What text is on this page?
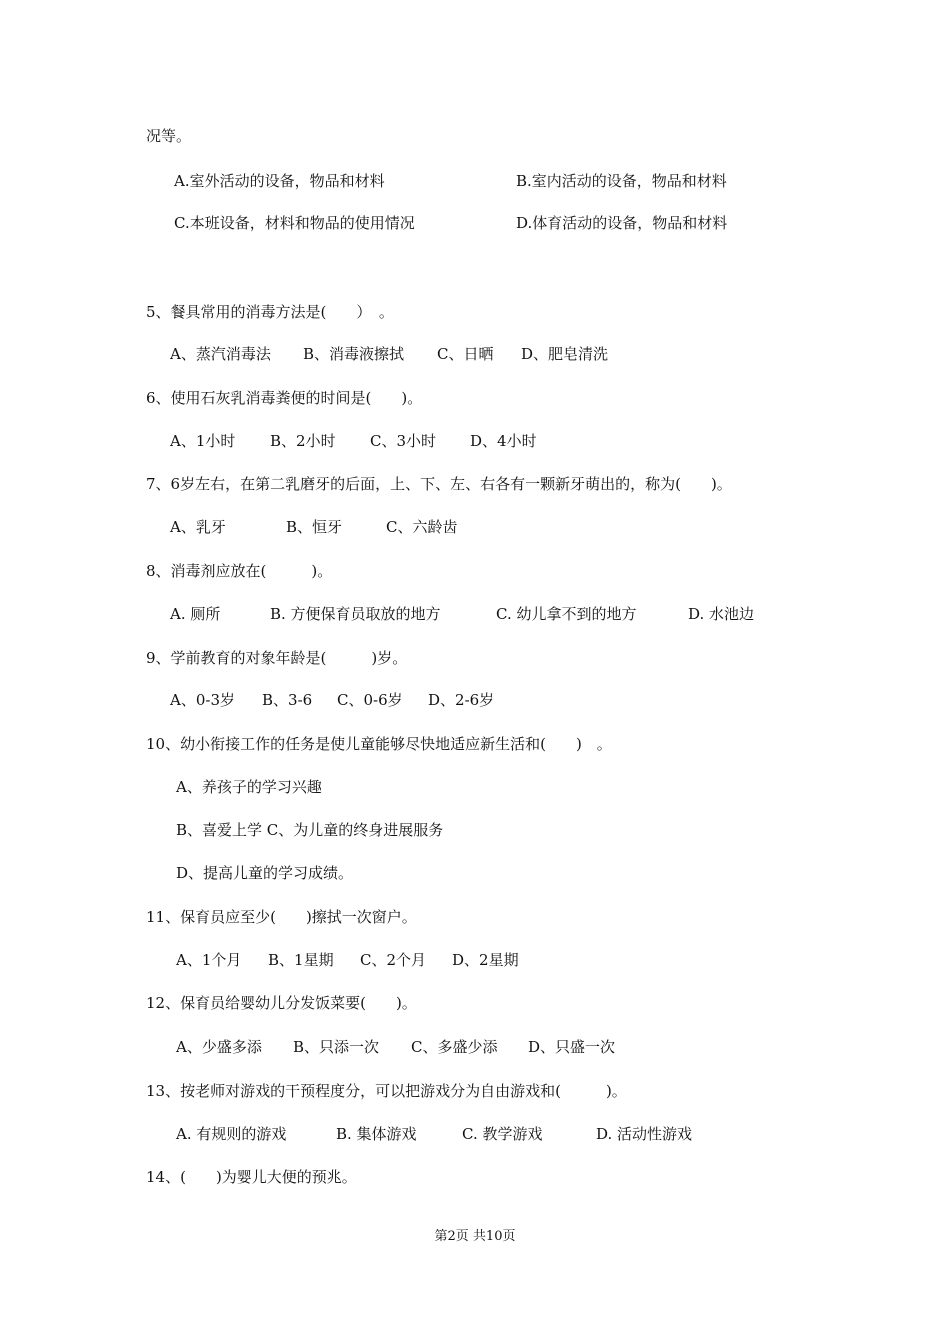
况等。

A.室外活动的设备，物品和材料

	B.室内活动的设备，物品和材料

C.本班设备，材料和物品的使用情况

	D.体育活动的设备，物品和材料

5、餐具常用的消毒方法是(　　）　。

A、蒸汽消毒法

B、消毒液擦拭

C、日晒

D、肥皂清洗

6、使用石灰乳消毒粪便的时间是(　　)。

A、1小时

B、2小时

C、3小时

D、4小时

7、6岁左右，在第二乳磨牙的后面，上、下、左、右各有一颗新牙萌出的，称为(　　)。

A、乳牙

	B、恒牙

	C、六龄齿

8、消毒剂应放在(　　　)。

A. 厕所

	B. 方便保育员取放的地方

	C. 幼儿拿不到的地方

	D. 水池边

9、学前教育的对象年龄是(　　　)岁。

A、0-3岁

B、3-6

C、0-6岁

D、2-6岁

10、幼小衔接工作的任务是使儿童能够尽快地适应新生活和(　　)　。
A、养孩子的学习兴趣
B、喜爱上学 C、为儿童的终身进展服务
D、提高儿童的学习成绩。
11、保育员应至少(　　)擦拭一次窗户。

A、1个月

B、1星期

C、2个月

D、2星期

12、保育员给婴幼儿分发饭菜要(　　)。

A、少盛多添

B、只添一次

C、多盛少添

D、只盛一次

13、按老师对游戏的干预程度分，可以把游戏分为自由游戏和(　　　)。

A. 有规则的游戏

	B. 集体游戏

	C. 教学游戏

	D. 活动性游戏

14、(　　)为婴儿大便的预兆。
第2页 共10页
